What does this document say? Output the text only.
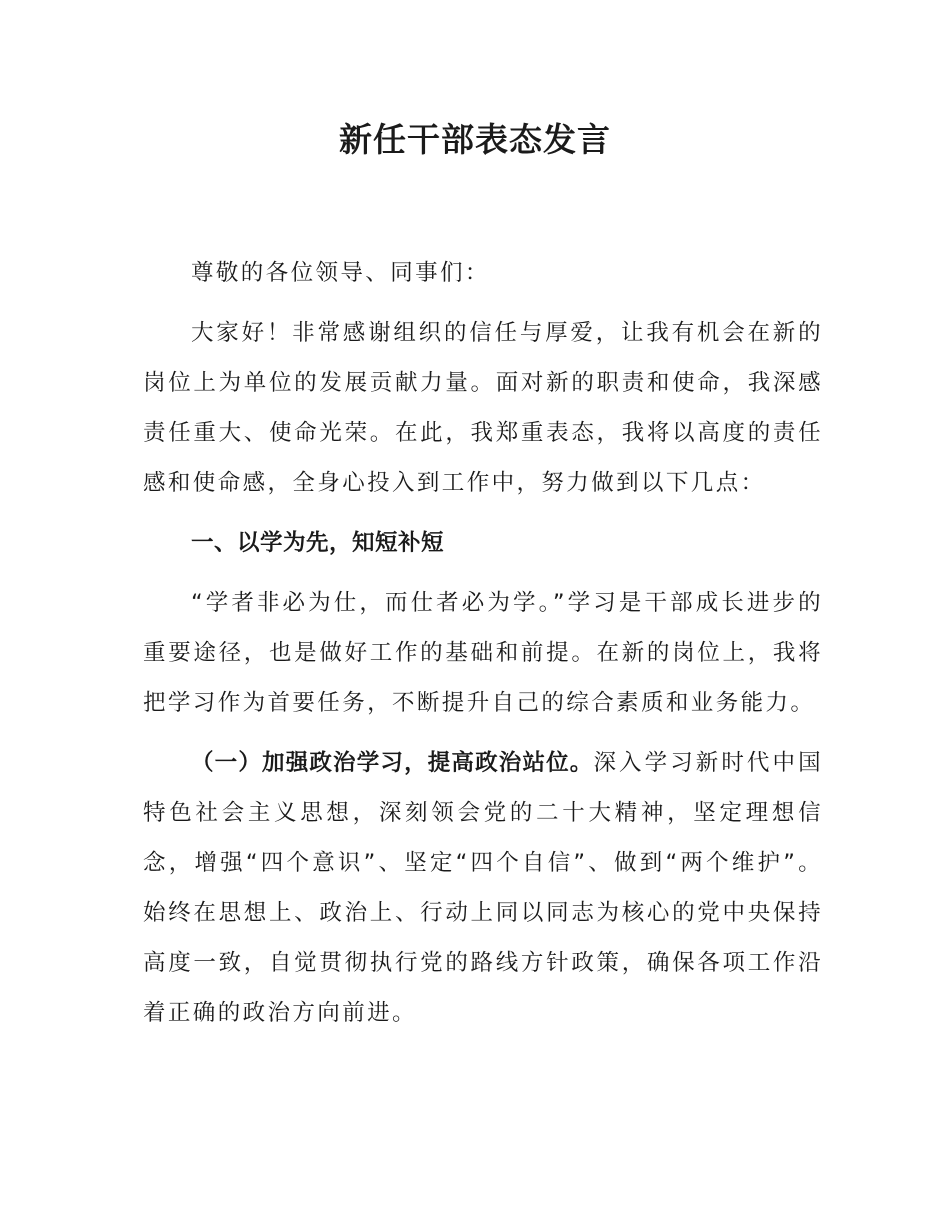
新任干部表态发言

尊敬的各位领导、同事们：

大家好！非常感谢组织的信任与厚爱，让我有机会在新的岗位上为单位的发展贡献力量。面对新的职责和使命，我深感责任重大、使命光荣。在此，我郑重表态，我将以高度的责任感和使命感，全身心投入到工作中，努力做到以下几点：

一、以学为先，知短补短

“学者非必为仕，而仕者必为学。”学习是干部成长进步的重要途径，也是做好工作的基础和前提。在新的岗位上，我将把学习作为首要任务，不断提升自己的综合素质和业务能力。

（一）加强政治学习，提高政治站位。深入学习新时代中国特色社会主义思想，深刻领会党的二十大精神，坚定理想信念，增强“四个意识”、坚定“四个自信”、做到“两个维护”。始终在思想上、政治上、行动上同以同志为核心的党中央保持高度一致，自觉贯彻执行党的路线方针政策，确保各项工作沿着正确的政治方向前进。
